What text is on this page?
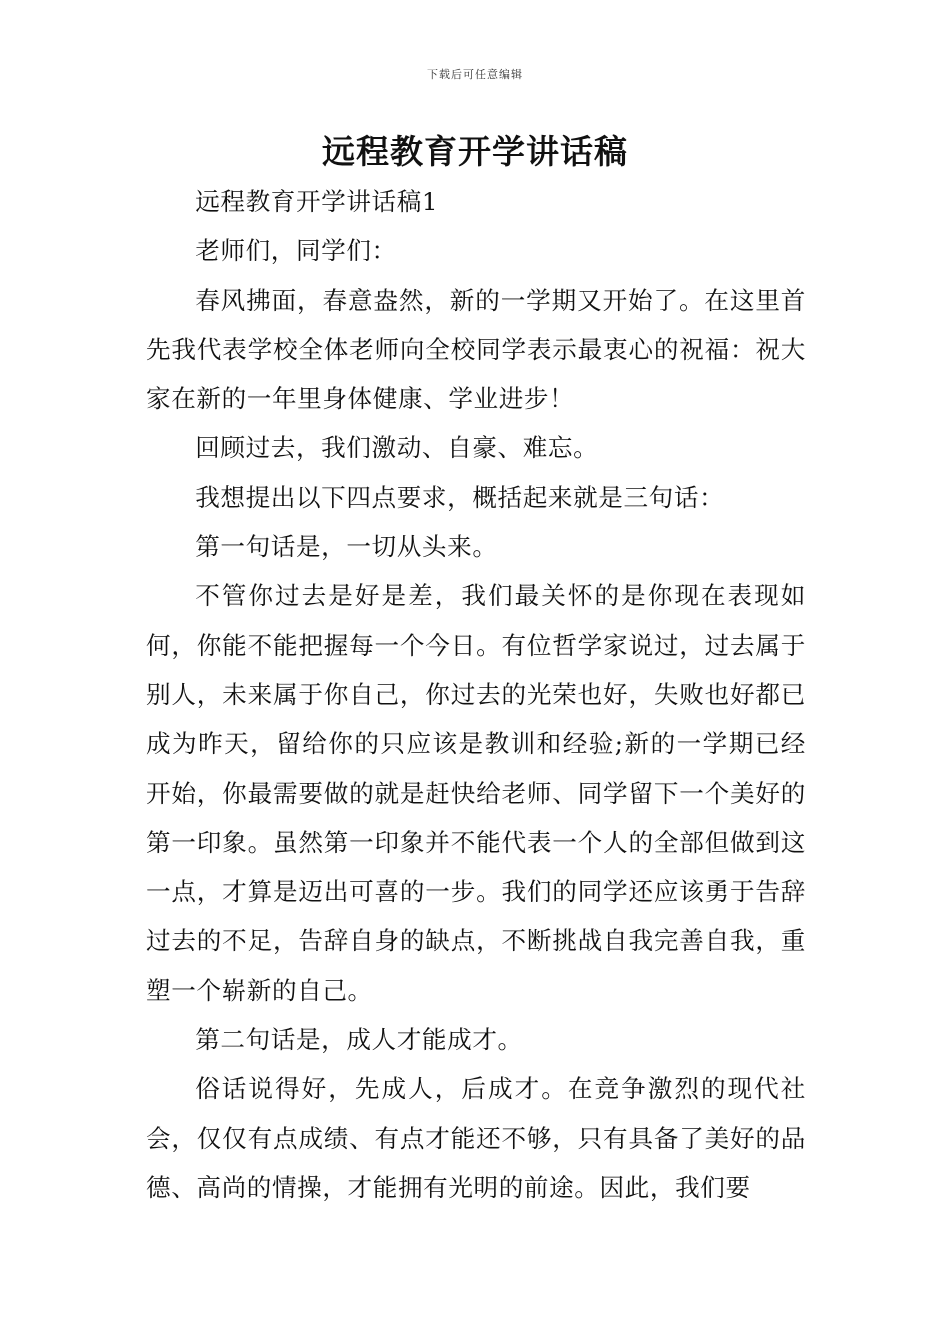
下载后可任意编辑
远程教育开学讲话稿

远程教育开学讲话稿1

老师们，同学们：

春风拂面，春意盎然，新的一学期又开始了。在这里首先我代表学校全体老师向全校同学表示最衷心的祝福：祝大家在新的一年里身体健康、学业进步！

回顾过去，我们激动、自豪、难忘。

我想提出以下四点要求，概括起来就是三句话：

第一句话是，一切从头来。

不管你过去是好是差，我们最关怀的是你现在表现如何，你能不能把握每一个今日。有位哲学家说过，过去属于别人，未来属于你自己，你过去的光荣也好，失败也好都已成为昨天，留给你的只应该是教训和经验;新的一学期已经开始，你最需要做的就是赶快给老师、同学留下一个美好的第一印象。虽然第一印象并不能代表一个人的全部但做到这一点，才算是迈出可喜的一步。我们的同学还应该勇于告辞过去的不足，告辞自身的缺点，不断挑战自我完善自我，重塑一个崭新的自己。

第二句话是，成人才能成才。

俗话说得好，先成人，后成才。在竞争激烈的现代社会，仅仅有点成绩、有点才能还不够，只有具备了美好的品德、高尚的情操，才能拥有光明的前途。因此，我们要
